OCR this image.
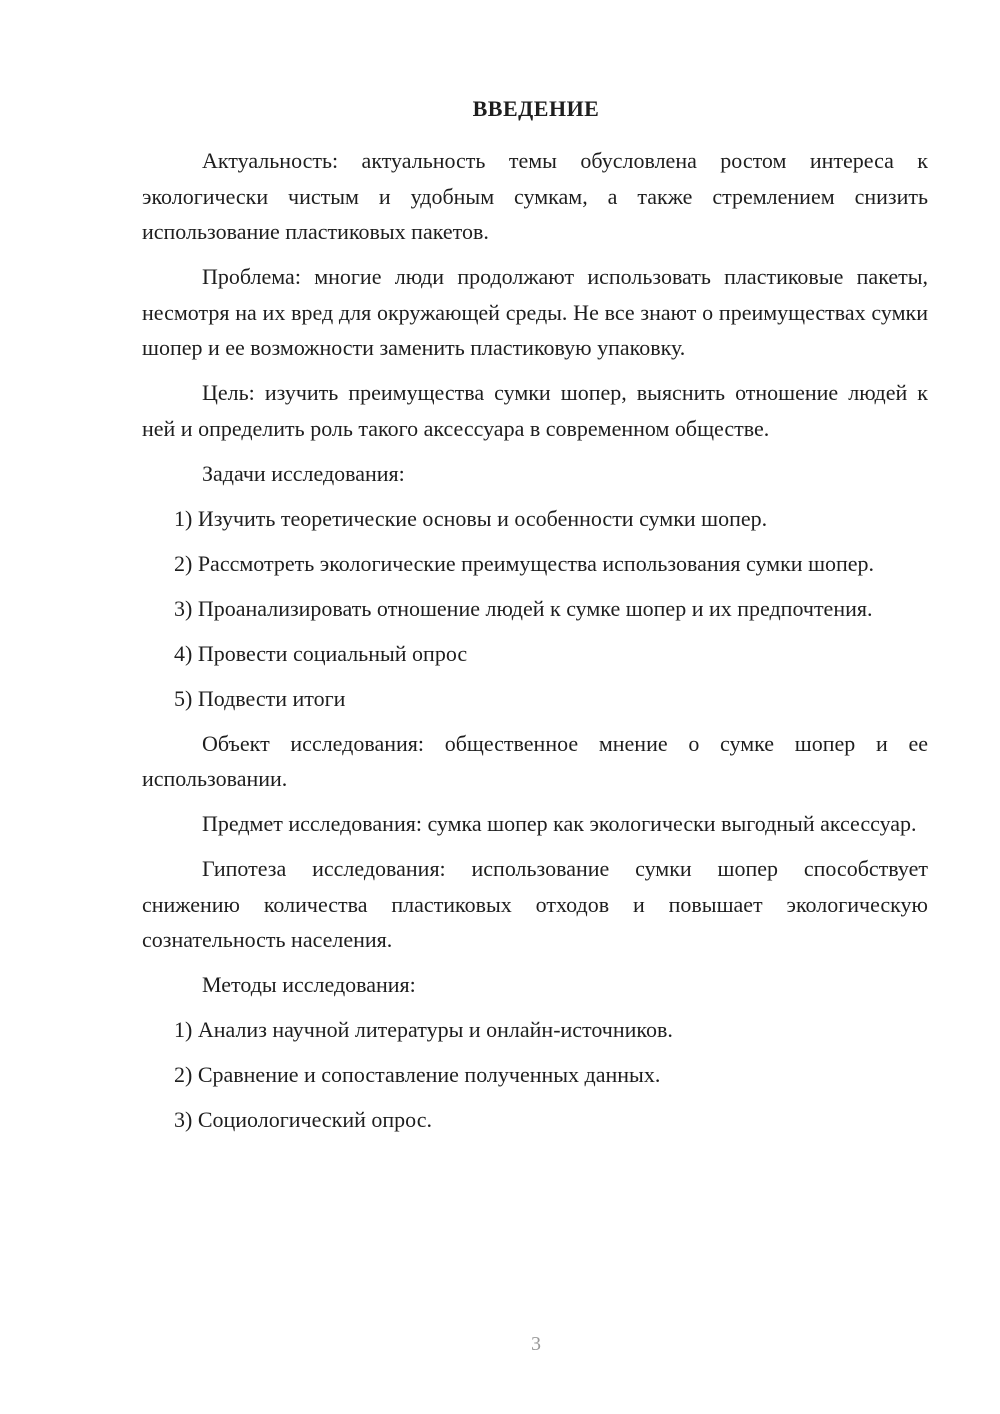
ВВЕДЕНИЕ

Актуальность: актуальность темы обусловлена ростом интереса к экологически чистым и удобным сумкам, а также стремлением снизить использование пластиковых пакетов.

Проблема: многие люди продолжают использовать пластиковые пакеты, несмотря на их вред для окружающей среды. Не все знают о преимуществах сумки шопер и ее возможности заменить пластиковую упаковку.

Цель: изучить преимущества сумки шопер, выяснить отношение людей к ней и определить роль такого аксессуара в современном обществе.

Задачи исследования:

1) Изучить теоретические основы и особенности сумки шопер.

2) Рассмотреть экологические преимущества использования сумки шопер.

3) Проанализировать отношение людей к сумке шопер и их предпочтения.

4) Провести социальный опрос

5) Подвести итоги

Объект исследования: общественное мнение о сумке шопер и ее использовании.

Предмет исследования: сумка шопер как экологически выгодный аксессуар.

Гипотеза исследования: использование сумки шопер способствует снижению количества пластиковых отходов и повышает экологическую сознательность населения.

Методы исследования:

1) Анализ научной литературы и онлайн-источников.

2) Сравнение и сопоставление полученных данных.

3) Социологический опрос.

3
